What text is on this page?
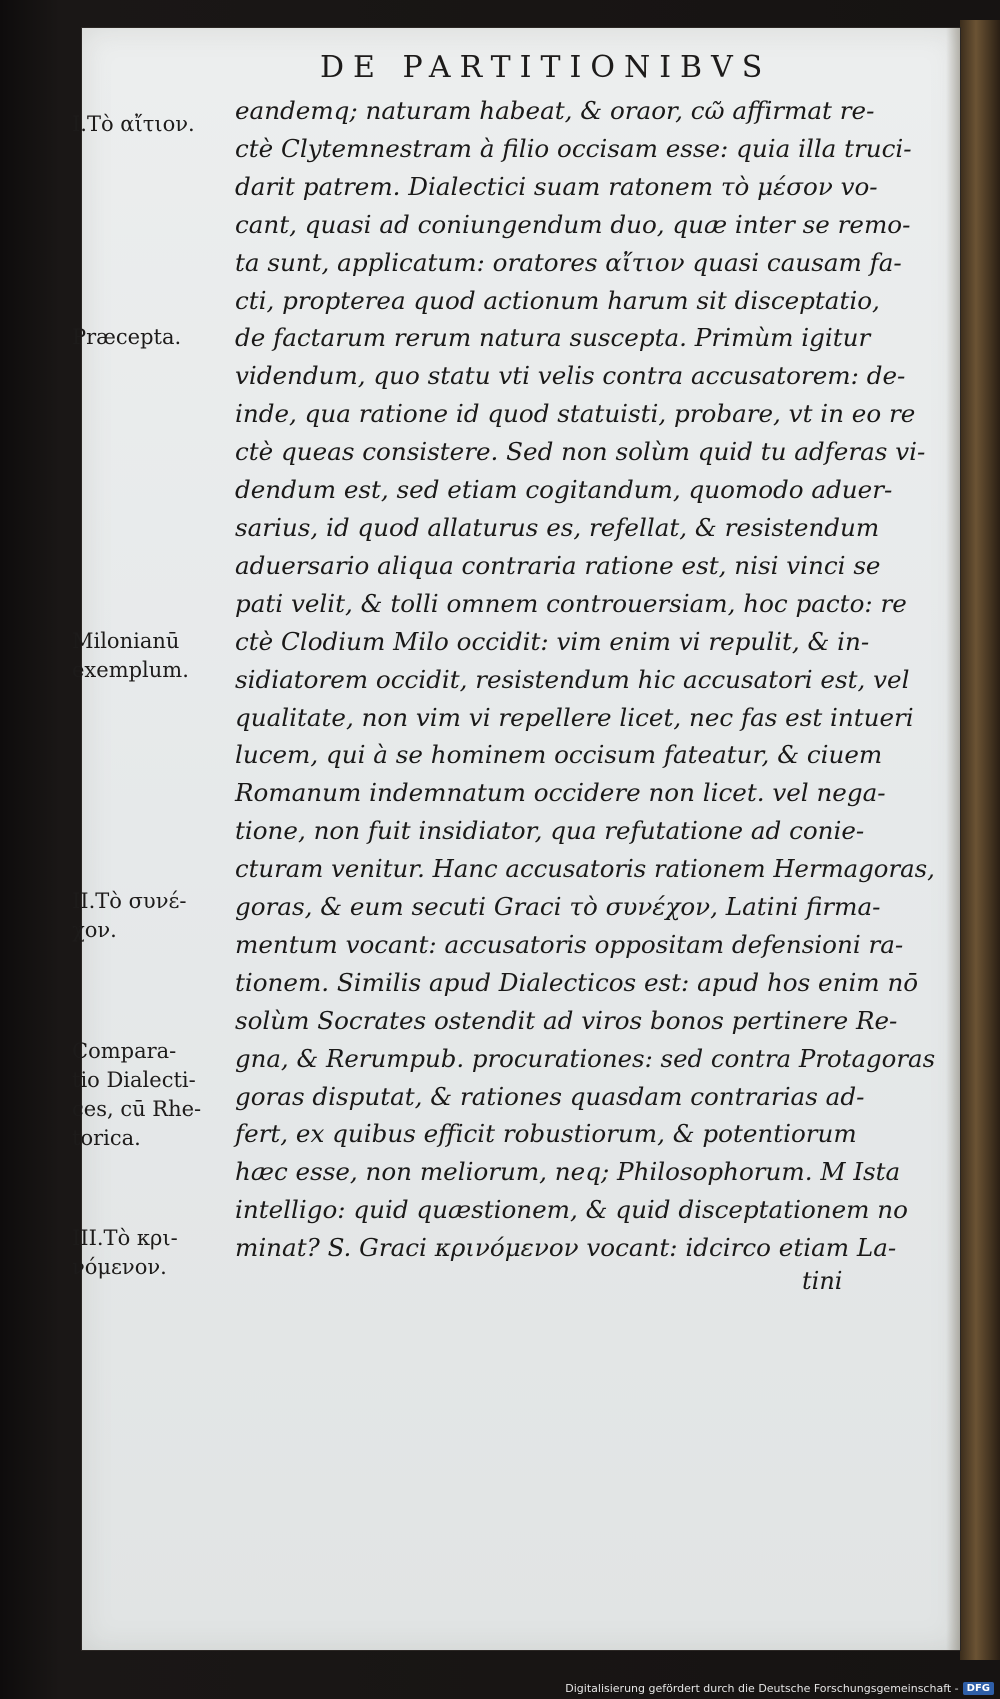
DE PARTITIONIBVS
eandemq; naturam habeat, & oraor, cῶ affirmat re-
ctè Clytemnestram à filio occisam esse: quia illa truci-
darit patrem. Dialectici suam ratonem τὸ μέσον vo-
cant, quasi ad coniungendum duo, quæ inter se remo-
ta sunt, applicatum: oratores αἴτιον quasi causam fa-
cti, propterea quod actionum harum sit disceptatio,
de factarum rerum natura suscepta. Primùm igitur
videndum, quo statu vti velis contra accusatorem: de-
inde, qua ratione id quod statuisti, probare, vt in eo re
ctè queas consistere. Sed non solùm quid tu adferas vi-
dendum est, sed etiam cogitandum, quomodo aduer-
sarius, id quod allaturus es, refellat, & resistendum
aduersario aliqua contraria ratione est, nisi vinci se
pati velit, & tolli omnem controuersiam, hoc pacto: re
ctè Clodium Milo occidit: vim enim vi repulit, & in-
sidiatorem occidit, resistendum hic accusatori est, vel
qualitate, non vim vi repellere licet, nec fas est intueri
lucem, qui à se hominem occisum fateatur, & ciuem
Romanum indemnatum occidere non licet. vel nega-
tione, non fuit insidiator, qua refutatione ad conie-
cturam venitur. Hanc accusatoris rationem Hermagoras,
goras, & eum secuti Graci τὸ συνέχον, Latini firma-
mentum vocant: accusatoris oppositam defensioni ra-
tionem. Similis apud Dialecticos est: apud hos enim nō
solùm Socrates ostendit ad viros bonos pertinere Re-
gna, & Rerumpub. procurationes: sed contra Protagoras
goras disputat, & rationes quasdam contrarias ad-
fert, ex quibus efficit robustiorum, & potentiorum
hæc esse, non meliorum, neq; Philosophorum. M Ista
intelligo: quid quæstionem, & quid disceptationem no
minat? S. Graci κρινόμενον vocant: idcirco etiam La-
tini
I.Tὸ αἴτιον.
Præcepta.
Milonianū
exemplum.
II.Tὸ συνέ-
χον.
Compara-
tio Dialecti-
ces, cū Rhe-
torica.
III.Tὸ κρι-
νόμενον.
Digitalisierung gefördert durch die Deutsche Forschungsgemeinschaft - DFG
